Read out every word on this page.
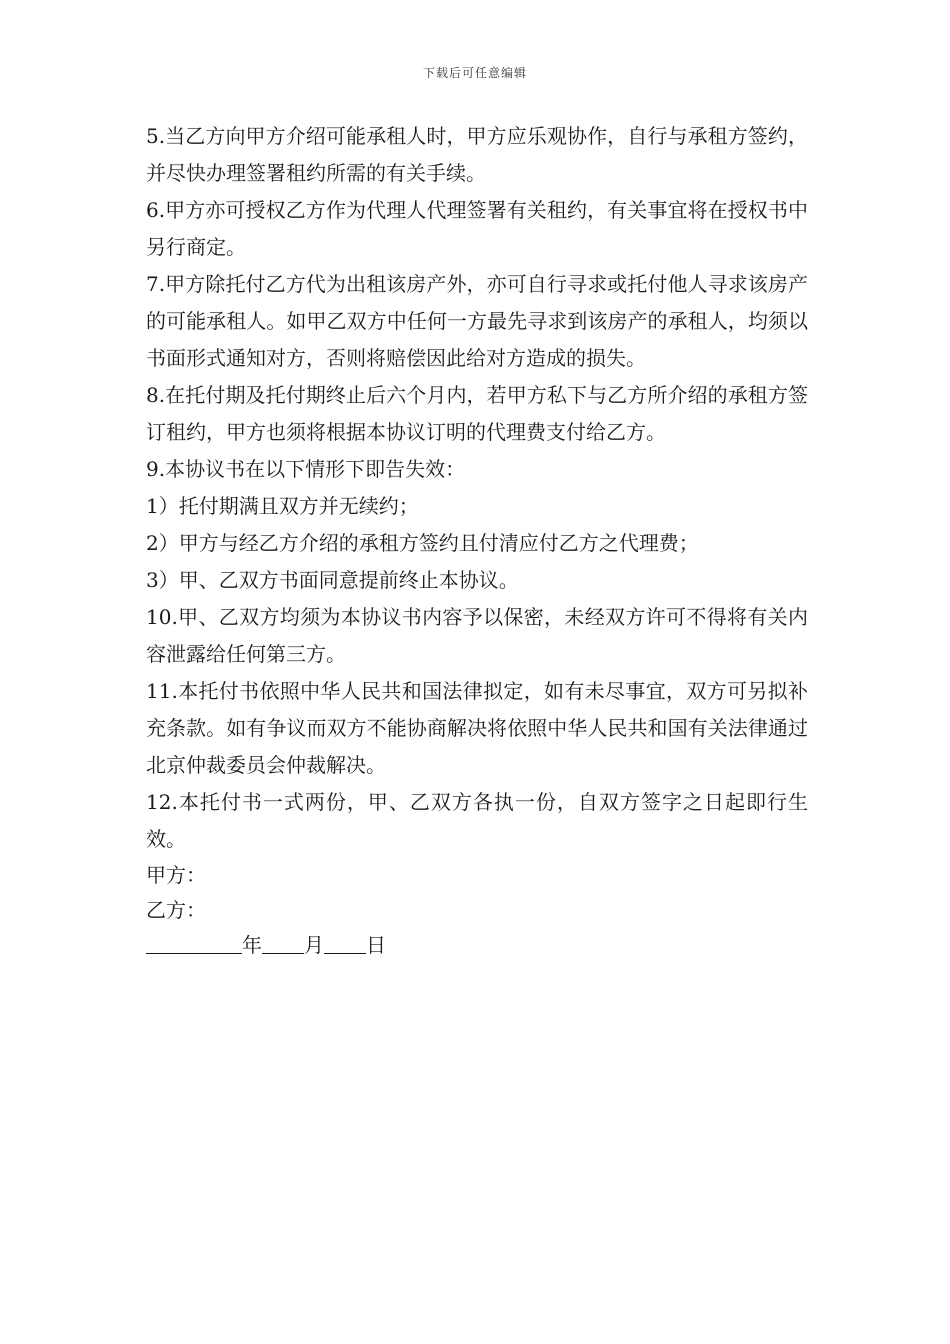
下载后可任意编辑

5.当乙方向甲方介绍可能承租人时，甲方应乐观协作，自行与承租方签约，并尽快办理签署租约所需的有关手续。

6.甲方亦可授权乙方作为代理人代理签署有关租约，有关事宜将在授权书中另行商定。

7.甲方除托付乙方代为出租该房产外，亦可自行寻求或托付他人寻求该房产的可能承租人。如甲乙双方中任何一方最先寻求到该房产的承租人，均须以书面形式通知对方，否则将赔偿因此给对方造成的损失。

8.在托付期及托付期终止后六个月内，若甲方私下与乙方所介绍的承租方签订租约，甲方也须将根据本协议订明的代理费支付给乙方。

9.本协议书在以下情形下即告失效：

1）托付期满且双方并无续约；

2）甲方与经乙方介绍的承租方签约且付清应付乙方之代理费；

3）甲、乙双方书面同意提前终止本协议。

10.甲、乙双方均须为本协议书内容予以保密，未经双方许可不得将有关内容泄露给任何第三方。

11.本托付书依照中华人民共和国法律拟定，如有未尽事宜，双方可另拟补充条款。如有争议而双方不能协商解决将依照中华人民共和国有关法律通过北京仲裁委员会仲裁解决。

12.本托付书一式两份，甲、乙双方各执一份，自双方签字之日起即行生效。

甲方：

乙方：

年 月 日
